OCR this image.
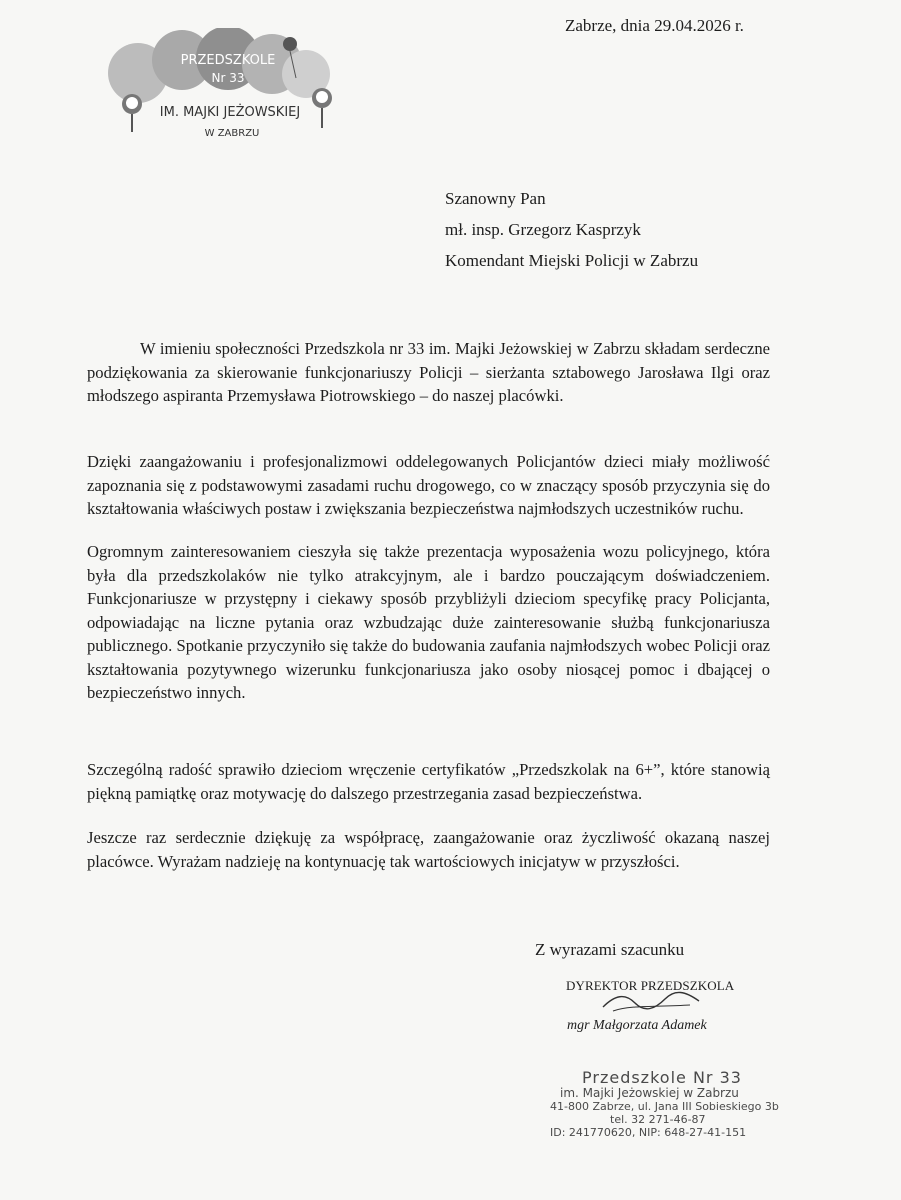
Zabrze, dnia 29.04.2026 r.
PRZEDSZKOLE
Nr 33
IM. MAJKI JEŻOWSKIEJ
W ZABRZU
Szanowny Pan
mł. insp. Grzegorz Kasprzyk
Komendant Miejski Policji w Zabrzu
W imieniu społeczności Przedszkola nr 33 im. Majki Jeżowskiej w Zabrzu składam serdeczne podziękowania za skierowanie funkcjonariuszy Policji – sierżanta sztabowego Jarosława Ilgi oraz młodszego aspiranta Przemysława Piotrowskiego – do naszej placówki.
Dzięki zaangażowaniu i profesjonalizmowi oddelegowanych Policjantów dzieci miały możliwość zapoznania się z podstawowymi zasadami ruchu drogowego, co w znaczący sposób przyczynia się do kształtowania właściwych postaw i zwiększania bezpieczeństwa najmłodszych uczestników ruchu.
Ogromnym zainteresowaniem cieszyła się także prezentacja wyposażenia wozu policyjnego, która była dla przedszkolaków nie tylko atrakcyjnym, ale i bardzo pouczającym doświadczeniem. Funkcjonariusze w przystępny i ciekawy sposób przybliżyli dzieciom specyfikę pracy Policjanta, odpowiadając na liczne pytania oraz wzbudzając duże zainteresowanie służbą funkcjonariusza publicznego. Spotkanie przyczyniło się także do budowania zaufania najmłodszych wobec Policji oraz kształtowania pozytywnego wizerunku funkcjonariusza jako osoby niosącej pomoc i dbającej o bezpieczeństwo innych.
Szczególną radość sprawiło dzieciom wręczenie certyfikatów „Przedszkolak na 6+”, które stanowią piękną pamiątkę oraz motywację do dalszego przestrzegania zasad bezpieczeństwa.
Jeszcze raz serdecznie dziękuję za współpracę, zaangażowanie oraz życzliwość okazaną naszej placówce. Wyrażam nadzieję na kontynuację tak wartościowych inicjatyw w przyszłości.
Z wyrazami szacunku
DYREKTOR PRZEDSZKOLA
mgr Małgorzata Adamek
Przedszkole Nr 33
im. Majki Jeżowskiej w Zabrzu
41-800 Zabrze, ul. Jana III Sobieskiego 3b
tel. 32 271-46-87
ID: 241770620, NIP: 648-27-41-151
